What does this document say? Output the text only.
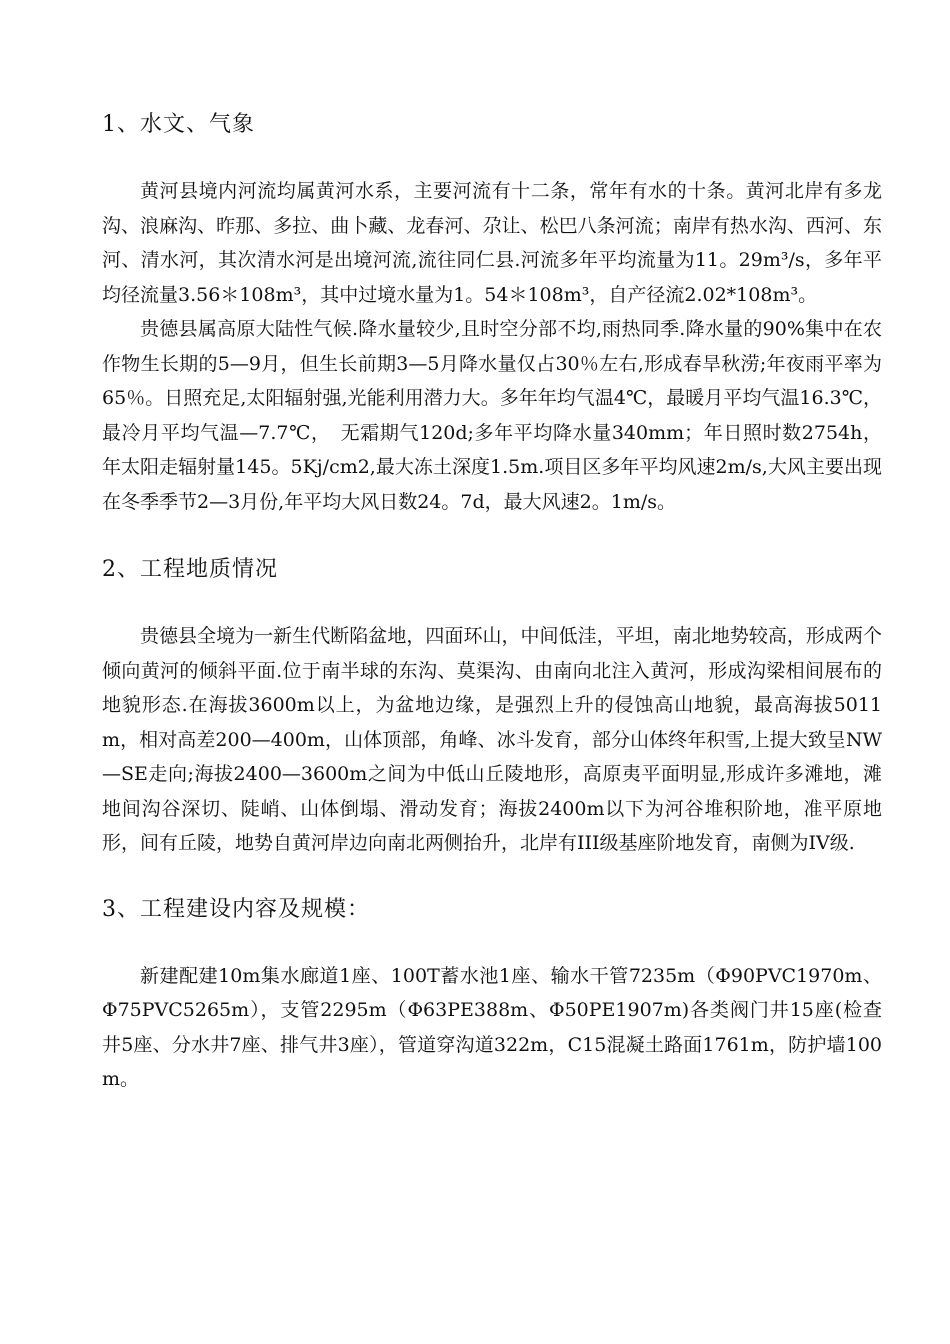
1、水文、气象

黄河县境内河流均属黄河水系，主要河流有十二条，常年有水的十条。黄河北岸有多龙沟、浪麻沟、昨那、多拉、曲卜藏、龙春河、尕让、松巴八条河流；南岸有热水沟、西河、东河、清水河，其次清水河是出境河流,流往同仁县.河流多年平均流量为11。29m³/s，多年平均径流量3.56＊108m³，其中过境水量为1。54＊108m³，自产径流2.02*108m³。

贵德县属高原大陆性气候.降水量较少,且时空分部不均,雨热同季.降水量的90%集中在农作物生长期的5—9月，但生长前期3—5月降水量仅占30％左右,形成春旱秋涝;年夜雨平率为65％。日照充足,太阳辐射强,光能利用潜力大。多年年均气温4℃，最暖月平均气温16.3℃，最冷月平均气温—7.7℃，　无霜期气120d;多年平均降水量340mm；年日照时数2754h，年太阳走辐射量145。5Kj/cm2,最大冻土深度1.5m.项目区多年平均风速2m/s,大风主要出现在冬季季节2—3月份,年平均大风日数24。7d，最大风速2。1m/s。

2、工程地质情况

贵德县全境为一新生代断陷盆地，四面环山，中间低洼，平坦，南北地势较高，形成两个倾向黄河的倾斜平面.位于南半球的东沟、莫渠沟、由南向北注入黄河，形成沟梁相间展布的地貌形态.在海拔3600m以上，为盆地边缘，是强烈上升的侵蚀高山地貌，最高海拔5011m，相对高差200—400m，山体顶部，角峰、冰斗发育，部分山体终年积雪,上提大致呈NW—SE走向;海拔2400—3600m之间为中低山丘陵地形，高原夷平面明显,形成许多滩地，滩地间沟谷深切、陡峭、山体倒塌、滑动发育；海拔2400m以下为河谷堆积阶地，准平原地形，间有丘陵，地势自黄河岸边向南北两侧抬升，北岸有III级基座阶地发育，南侧为IV级.

3、工程建设内容及规模：

新建配建10m集水廊道1座、100T蓄水池1座、输水干管7235m（Φ90PVC1970m、Φ75PVC5265m），支管2295m（Φ63PE388m、Φ50PE1907m)各类阀门井15座(检查井5座、分水井7座、排气井3座），管道穿沟道322m，C15混凝土路面1761m，防护墙100m。
